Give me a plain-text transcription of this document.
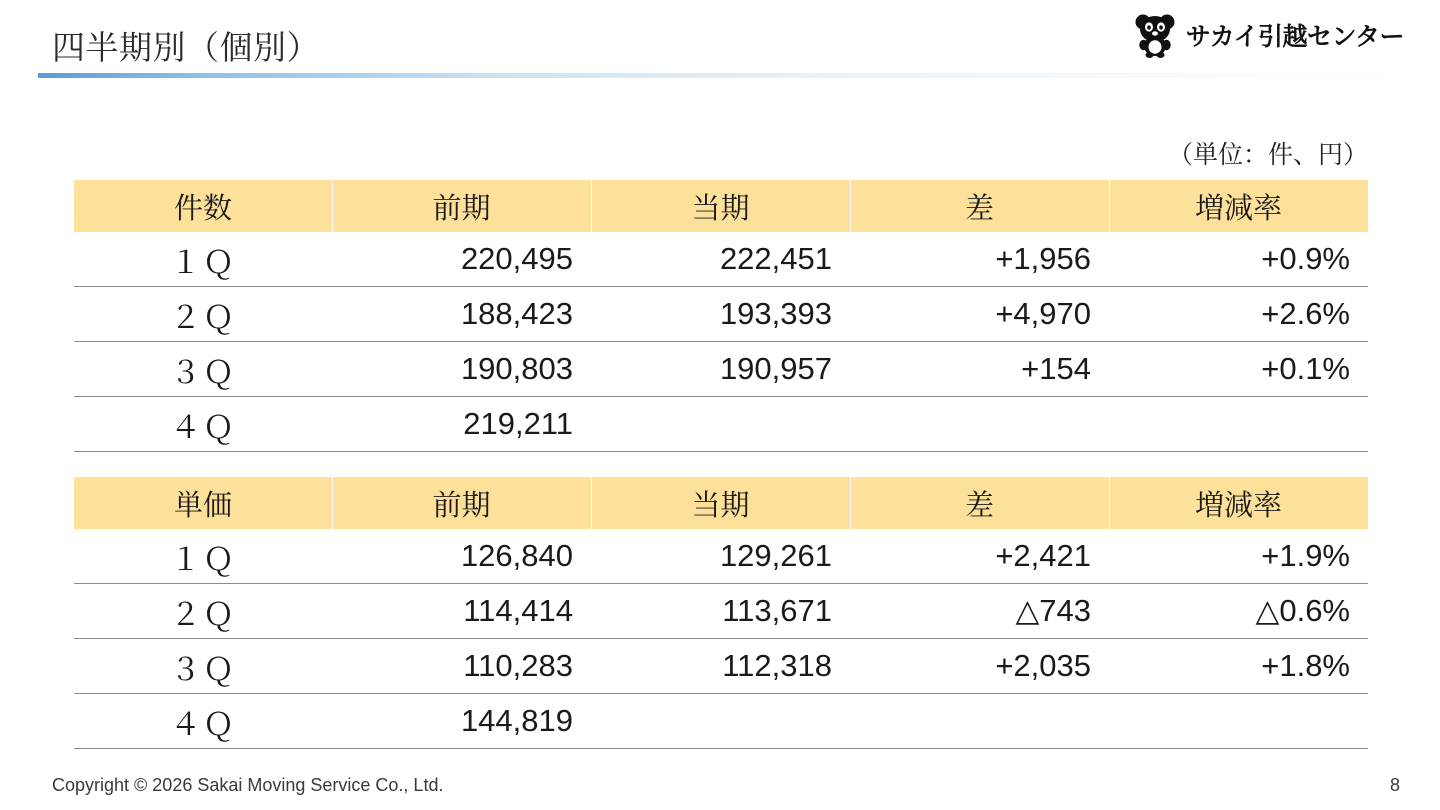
四半期別（個別）	サカイ引越センター
（単位：件、円）
件数	前期	当期	差	増減率
１Ｑ	220,495	222,451	+1,956	+0.9%
２Ｑ	188,423	193,393	+4,970	+2.6%
３Ｑ	190,803	190,957	+154	+0.1%
４Ｑ	219,211			
単価	前期	当期	差	増減率
１Ｑ	126,840	129,261	+2,421	+1.9%
２Ｑ	114,414	113,671	△743	△0.6%
３Ｑ	110,283	112,318	+2,035	+1.8%
４Ｑ	144,819			
Copyright © 2026 Sakai Moving Service Co., Ltd.	8
